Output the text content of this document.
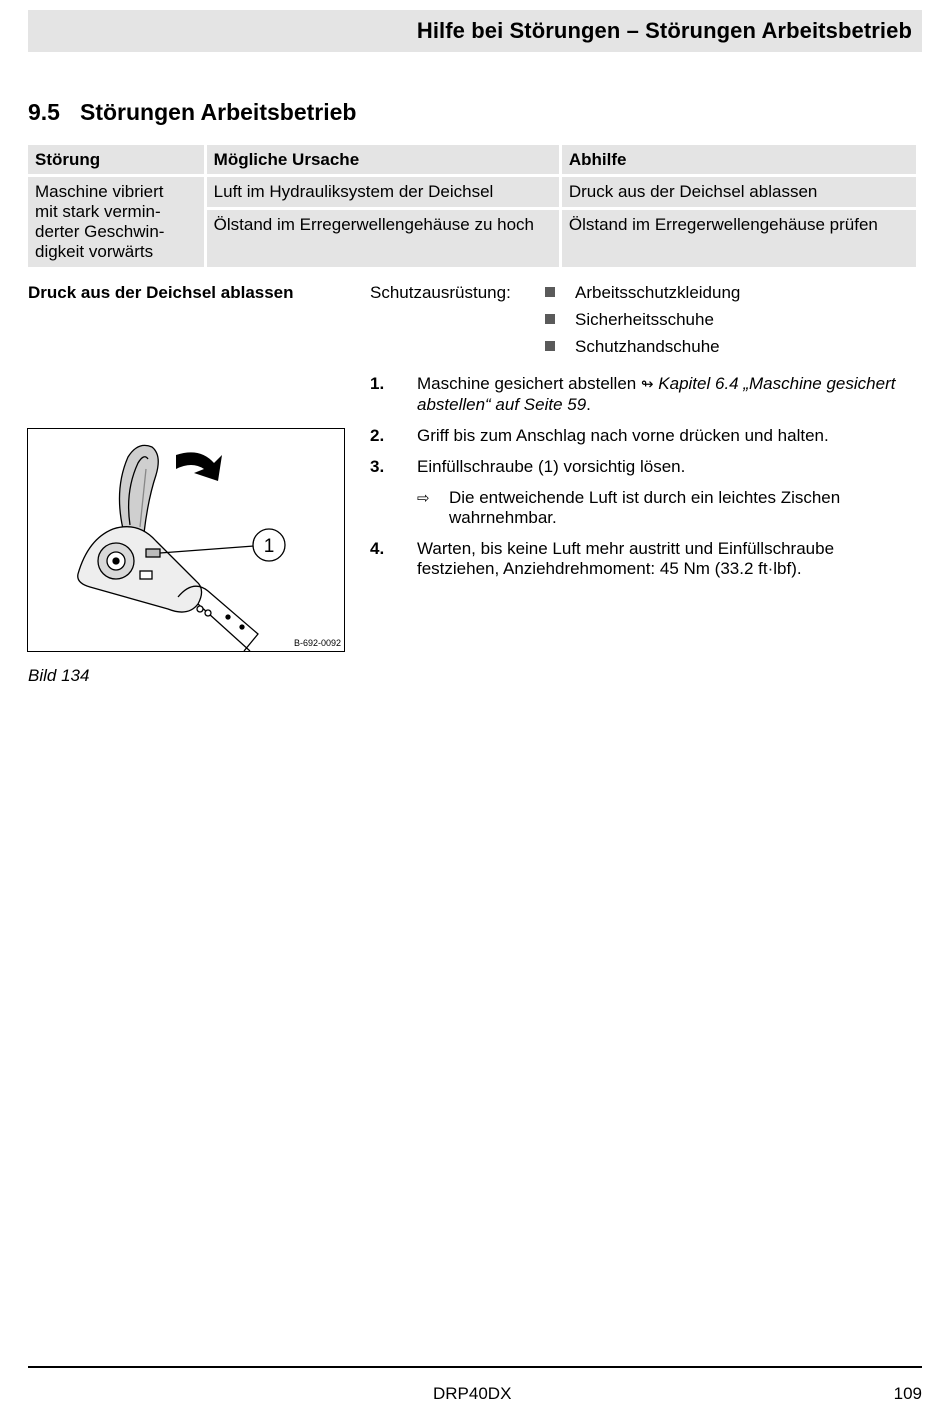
Hilfe bei Störungen – Störungen Arbeitsbetrieb
9.5 Störungen Arbeitsbetrieb
Störung	Mögliche Ursache	Abhilfe
Maschine vibriert
mit stark vermin-
derter Geschwin-
digkeit vorwärts	Luft im Hydrauliksystem der Deichsel	Druck aus der Deichsel ablassen
	Ölstand im Erregerwellengehäuse zu hoch	Ölstand im Erregerwellengehäuse prüfen
Druck aus der Deichsel ablassen	Schutzausrüstung:	Arbeitsschutzkleidung
Sicherheitsschuhe
Schutzhandschuhe
1. Maschine gesichert abstellen ↬ Kapitel 6.4 „Maschine gesichert abstellen“ auf Seite 59.
2. Griff bis zum Anschlag nach vorne drücken und halten.
3. Einfüllschraube (1) vorsichtig lösen.
⇨ Die entweichende Luft ist durch ein leichtes Zischen wahrnehmbar.
4. Warten, bis keine Luft mehr austritt und Einfüllschraube festziehen, Anziehdrehmoment: 45 Nm (33.2 ft·lbf).
1
B-692-0092
Bild 134
DRP40DX	109
